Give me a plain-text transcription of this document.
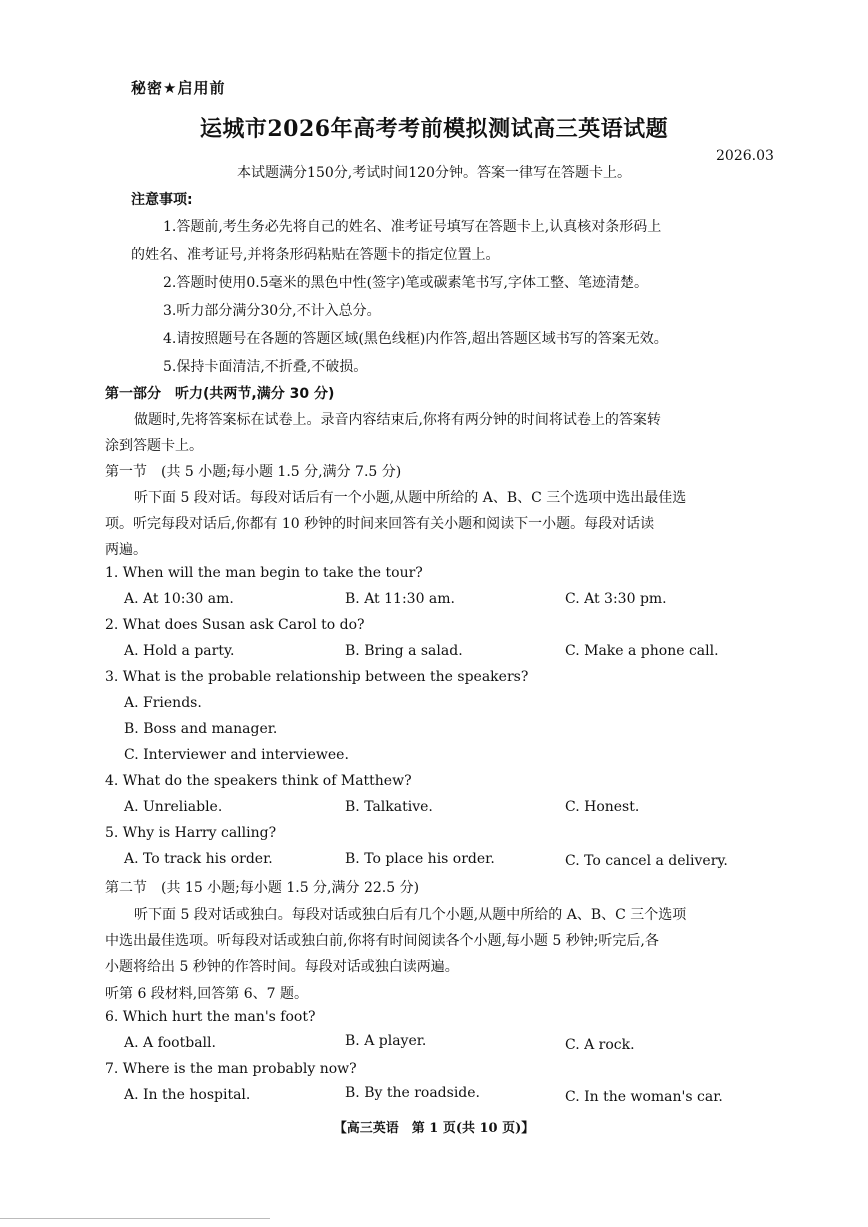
秘密★启用前
运城市2026年高考考前模拟测试高三英语试题
2026.03
本试题满分150分,考试时间120分钟。答案一律写在答题卡上。
注意事项:
1.答题前,考生务必先将自己的姓名、准考证号填写在答题卡上,认真核对条形码上
的姓名、准考证号,并将条形码粘贴在答题卡的指定位置上。
2.答题时使用0.5毫米的黑色中性(签字)笔或碳素笔书写,字体工整、笔迹清楚。
3.听力部分满分30分,不计入总分。
4.请按照题号在各题的答题区域(黑色线框)内作答,超出答题区域书写的答案无效。
5.保持卡面清洁,不折叠,不破损。
第一部分　听力(共两节,满分 30 分)
做题时,先将答案标在试卷上。录音内容结束后,你将有两分钟的时间将试卷上的答案转
涂到答题卡上。
第一节　(共 5 小题;每小题 1.5 分,满分 7.5 分)
听下面 5 段对话。每段对话后有一个小题,从题中所给的 A、B、C 三个选项中选出最佳选
项。听完每段对话后,你都有 10 秒钟的时间来回答有关小题和阅读下一小题。每段对话读
两遍。
1. When will the man begin to take the tour?
A. At 10:30 am.	B. At 11:30 am.	C. At 3:30 pm.
2. What does Susan ask Carol to do?
A. Hold a party.	B. Bring a salad.	C. Make a phone call.
3. What is the probable relationship between the speakers?
A. Friends.
B. Boss and manager.
C. Interviewer and interviewee.
4. What do the speakers think of Matthew?
A. Unreliable.	B. Talkative.	C. Honest.
5. Why is Harry calling?
A. To track his order.	B. To place his order.	C. To cancel a delivery.
第二节　(共 15 小题;每小题 1.5 分,满分 22.5 分)
听下面 5 段对话或独白。每段对话或独白后有几个小题,从题中所给的 A、B、C 三个选项
中选出最佳选项。听每段对话或独白前,你将有时间阅读各个小题,每小题 5 秒钟;听完后,各
小题将给出 5 秒钟的作答时间。每段对话或独白读两遍。
听第 6 段材料,回答第 6、7 题。
6. Which hurt the man's foot?
A. A football.	B. A player.	C. A rock.
7. Where is the man probably now?
A. In the hospital.	B. By the roadside.	C. In the woman's car.
【高三英语　第 1 页(共 10 页)】
